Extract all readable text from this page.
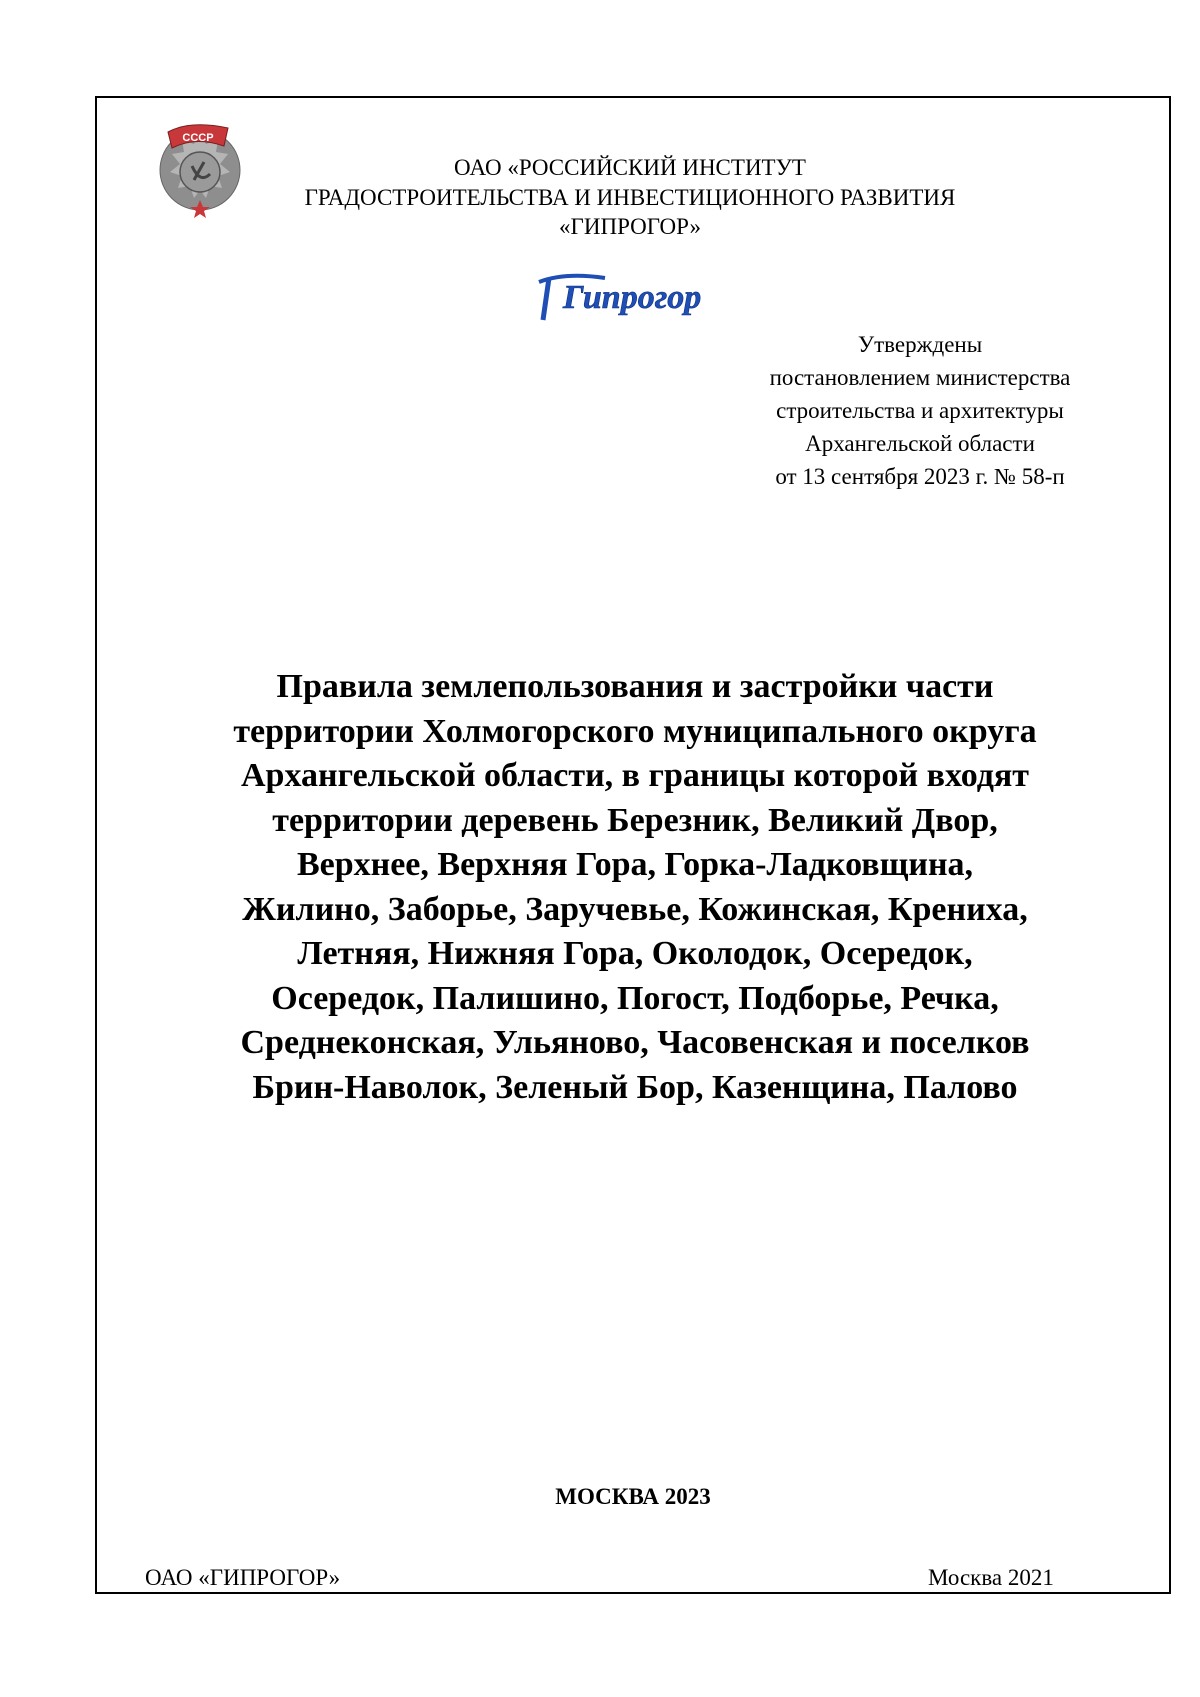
СССР
ОАО «РОССИЙСКИЙ ИНСТИТУТ
ГРАДОСТРОИТЕЛЬСТВА И ИНВЕСТИЦИОННОГО РАЗВИТИЯ
«ГИПРОГОР»
Гипрогор
Утверждены
постановлением министерства
строительства и архитектуры
Архангельской области
от 13 сентября 2023 г. № 58-п
Правила землепользования и застройки части
территории Холмогорского муниципального округа
Архангельской области, в границы которой входят
территории деревень Березник, Великий Двор,
Верхнее, Верхняя Гора, Горка-Ладковщина,
Жилино, Заборье, Заручевье, Кожинская, Крениха,
Летняя, Нижняя Гора, Околодок, Осередок,
Осередок, Палишино, Погост, Подборье, Речка,
Среднеконская, Ульяново, Часовенская и поселков
Брин-Наволок, Зеленый Бор, Казенщина, Палово
МОСКВА 2023
ОАО «ГИПРОГОР»	Москва 2021
